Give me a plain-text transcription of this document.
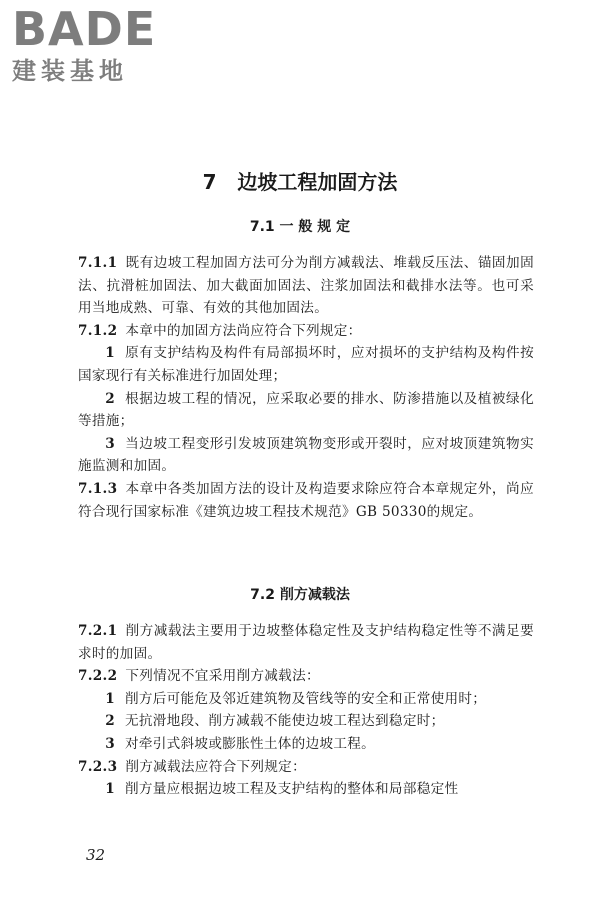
BADE
建装基地
7 边坡工程加固方法
7.1 一 般 规 定

7.1.1 既有边坡工程加固方法可分为削方减载法、堆载反压法、锚固加固法、抗滑桩加固法、加大截面加固法、注浆加固法和截排水法等。也可采用当地成熟、可靠、有效的其他加固法。

7.1.2 本章中的加固方法尚应符合下列规定：

1 原有支护结构及构件有局部损坏时，应对损坏的支护结构及构件按国家现行有关标准进行加固处理；

2 根据边坡工程的情况，应采取必要的排水、防渗措施以及植被绿化等措施；

3 当边坡工程变形引发坡顶建筑物变形或开裂时，应对坡顶建筑物实施监测和加固。

7.1.3 本章中各类加固方法的设计及构造要求除应符合本章规定外，尚应符合现行国家标准《建筑边坡工程技术规范》GB 50330的规定。

7.2 削方减载法

7.2.1 削方减载法主要用于边坡整体稳定性及支护结构稳定性等不满足要求时的加固。

7.2.2 下列情况不宜采用削方减载法：

1 削方后可能危及邻近建筑物及管线等的安全和正常使用时；

2 无抗滑地段、削方减载不能使边坡工程达到稳定时；

3 对牵引式斜坡或膨胀性土体的边坡工程。

7.2.3 削方减载法应符合下列规定：

1 削方量应根据边坡工程及支护结构的整体和局部稳定性

32
